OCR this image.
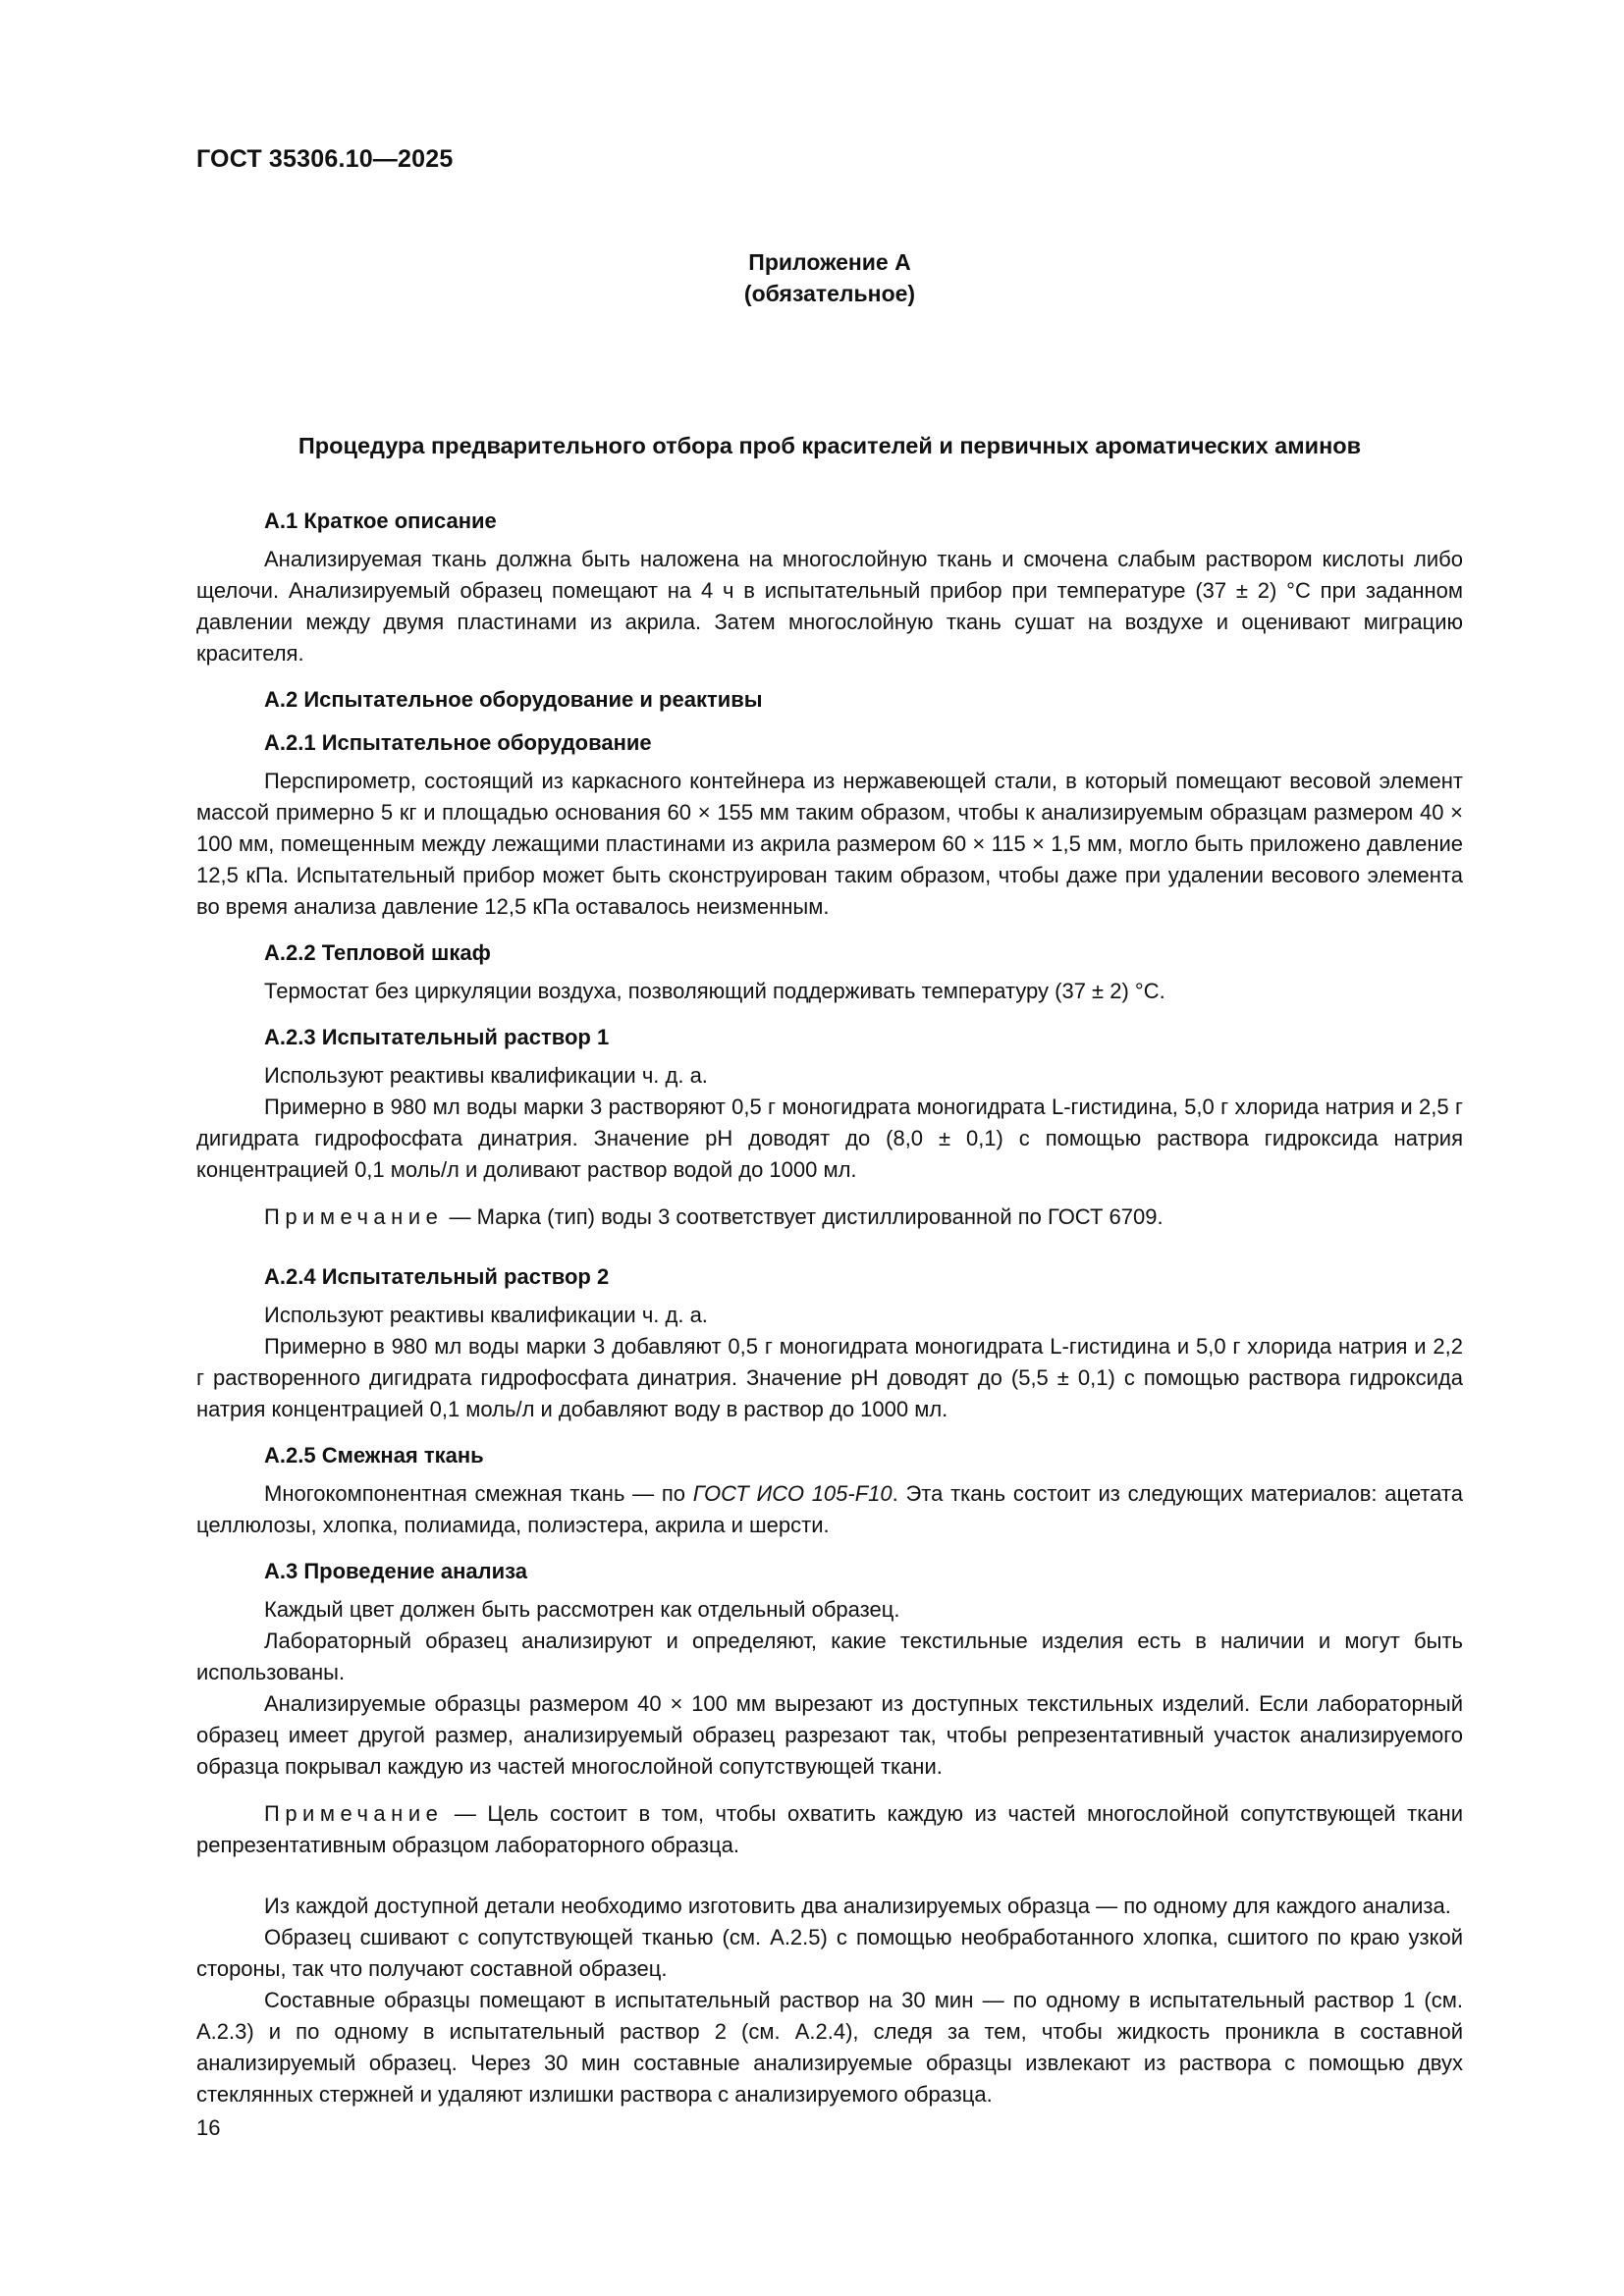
ГОСТ 35306.10—2025
Приложение А
(обязательное)
Процедура предварительного отбора проб красителей и первичных ароматических аминов
А.1 Краткое описание

Анализируемая ткань должна быть наложена на многослойную ткань и смочена слабым раствором кислоты либо щелочи. Анализируемый образец помещают на 4 ч в испытательный прибор при температуре (37 ± 2) °С при заданном давлении между двумя пластинами из акрила. Затем многослойную ткань сушат на воздухе и оценивают миграцию красителя.

А.2 Испытательное оборудование и реактивы
А.2.1 Испытательное оборудование

Перспирометр, состоящий из каркасного контейнера из нержавеющей стали, в который помещают весовой элемент массой примерно 5 кг и площадью основания 60 × 155 мм таким образом, чтобы к анализируемым образцам размером 40 × 100 мм, помещенным между лежащими пластинами из акрила размером 60 × 115 × 1,5 мм, могло быть приложено давление 12,5 кПа. Испытательный прибор может быть сконструирован таким образом, чтобы даже при удалении весового элемента во время анализа давление 12,5 кПа оставалось неизменным.

А.2.2 Тепловой шкаф

Термостат без циркуляции воздуха, позволяющий поддерживать температуру (37 ± 2) °С.

А.2.3 Испытательный раствор 1

Используют реактивы квалификации ч. д. а.

Примерно в 980 мл воды марки 3 растворяют 0,5 г моногидрата моногидрата L-гистидина, 5,0 г хлорида натрия и 2,5 г дигидрата гидрофосфата динатрия. Значение pH доводят до (8,0 ± 0,1) с помощью раствора гидроксида натрия концентрацией 0,1 моль/л и доливают раствор водой до 1000 мл.

Примечание — Марка (тип) воды 3 соответствует дистиллированной по ГОСТ 6709.

А.2.4 Испытательный раствор 2

Используют реактивы квалификации ч. д. а.

Примерно в 980 мл воды марки 3 добавляют 0,5 г моногидрата моногидрата L-гистидина и 5,0 г хлорида натрия и 2,2 г растворенного дигидрата гидрофосфата динатрия. Значение pH доводят до (5,5 ± 0,1) с помощью раствора гидроксида натрия концентрацией 0,1 моль/л и добавляют воду в раствор до 1000 мл.

А.2.5 Смежная ткань

Многокомпонентная смежная ткань — по ГОСТ ИСО 105-F10. Эта ткань состоит из следующих материалов: ацетата целлюлозы, хлопка, полиамида, полиэстера, акрила и шерсти.

А.3 Проведение анализа

Каждый цвет должен быть рассмотрен как отдельный образец.

Лабораторный образец анализируют и определяют, какие текстильные изделия есть в наличии и могут быть использованы.

Анализируемые образцы размером 40 × 100 мм вырезают из доступных текстильных изделий. Если лабораторный образец имеет другой размер, анализируемый образец разрезают так, чтобы репрезентативный участок анализируемого образца покрывал каждую из частей многослойной сопутствующей ткани.

Примечание — Цель состоит в том, чтобы охватить каждую из частей многослойной сопутствующей ткани репрезентативным образцом лабораторного образца.

Из каждой доступной детали необходимо изготовить два анализируемых образца — по одному для каждого анализа.

Образец сшивают с сопутствующей тканью (см. А.2.5) с помощью необработанного хлопка, сшитого по краю узкой стороны, так что получают составной образец.

Составные образцы помещают в испытательный раствор на 30 мин — по одному в испытательный раствор 1 (см. А.2.3) и по одному в испытательный раствор 2 (см. А.2.4), следя за тем, чтобы жидкость проникла в составной анализируемый образец. Через 30 мин составные анализируемые образцы извлекают из раствора с помощью двух стеклянных стержней и удаляют излишки раствора с анализируемого образца.

16
